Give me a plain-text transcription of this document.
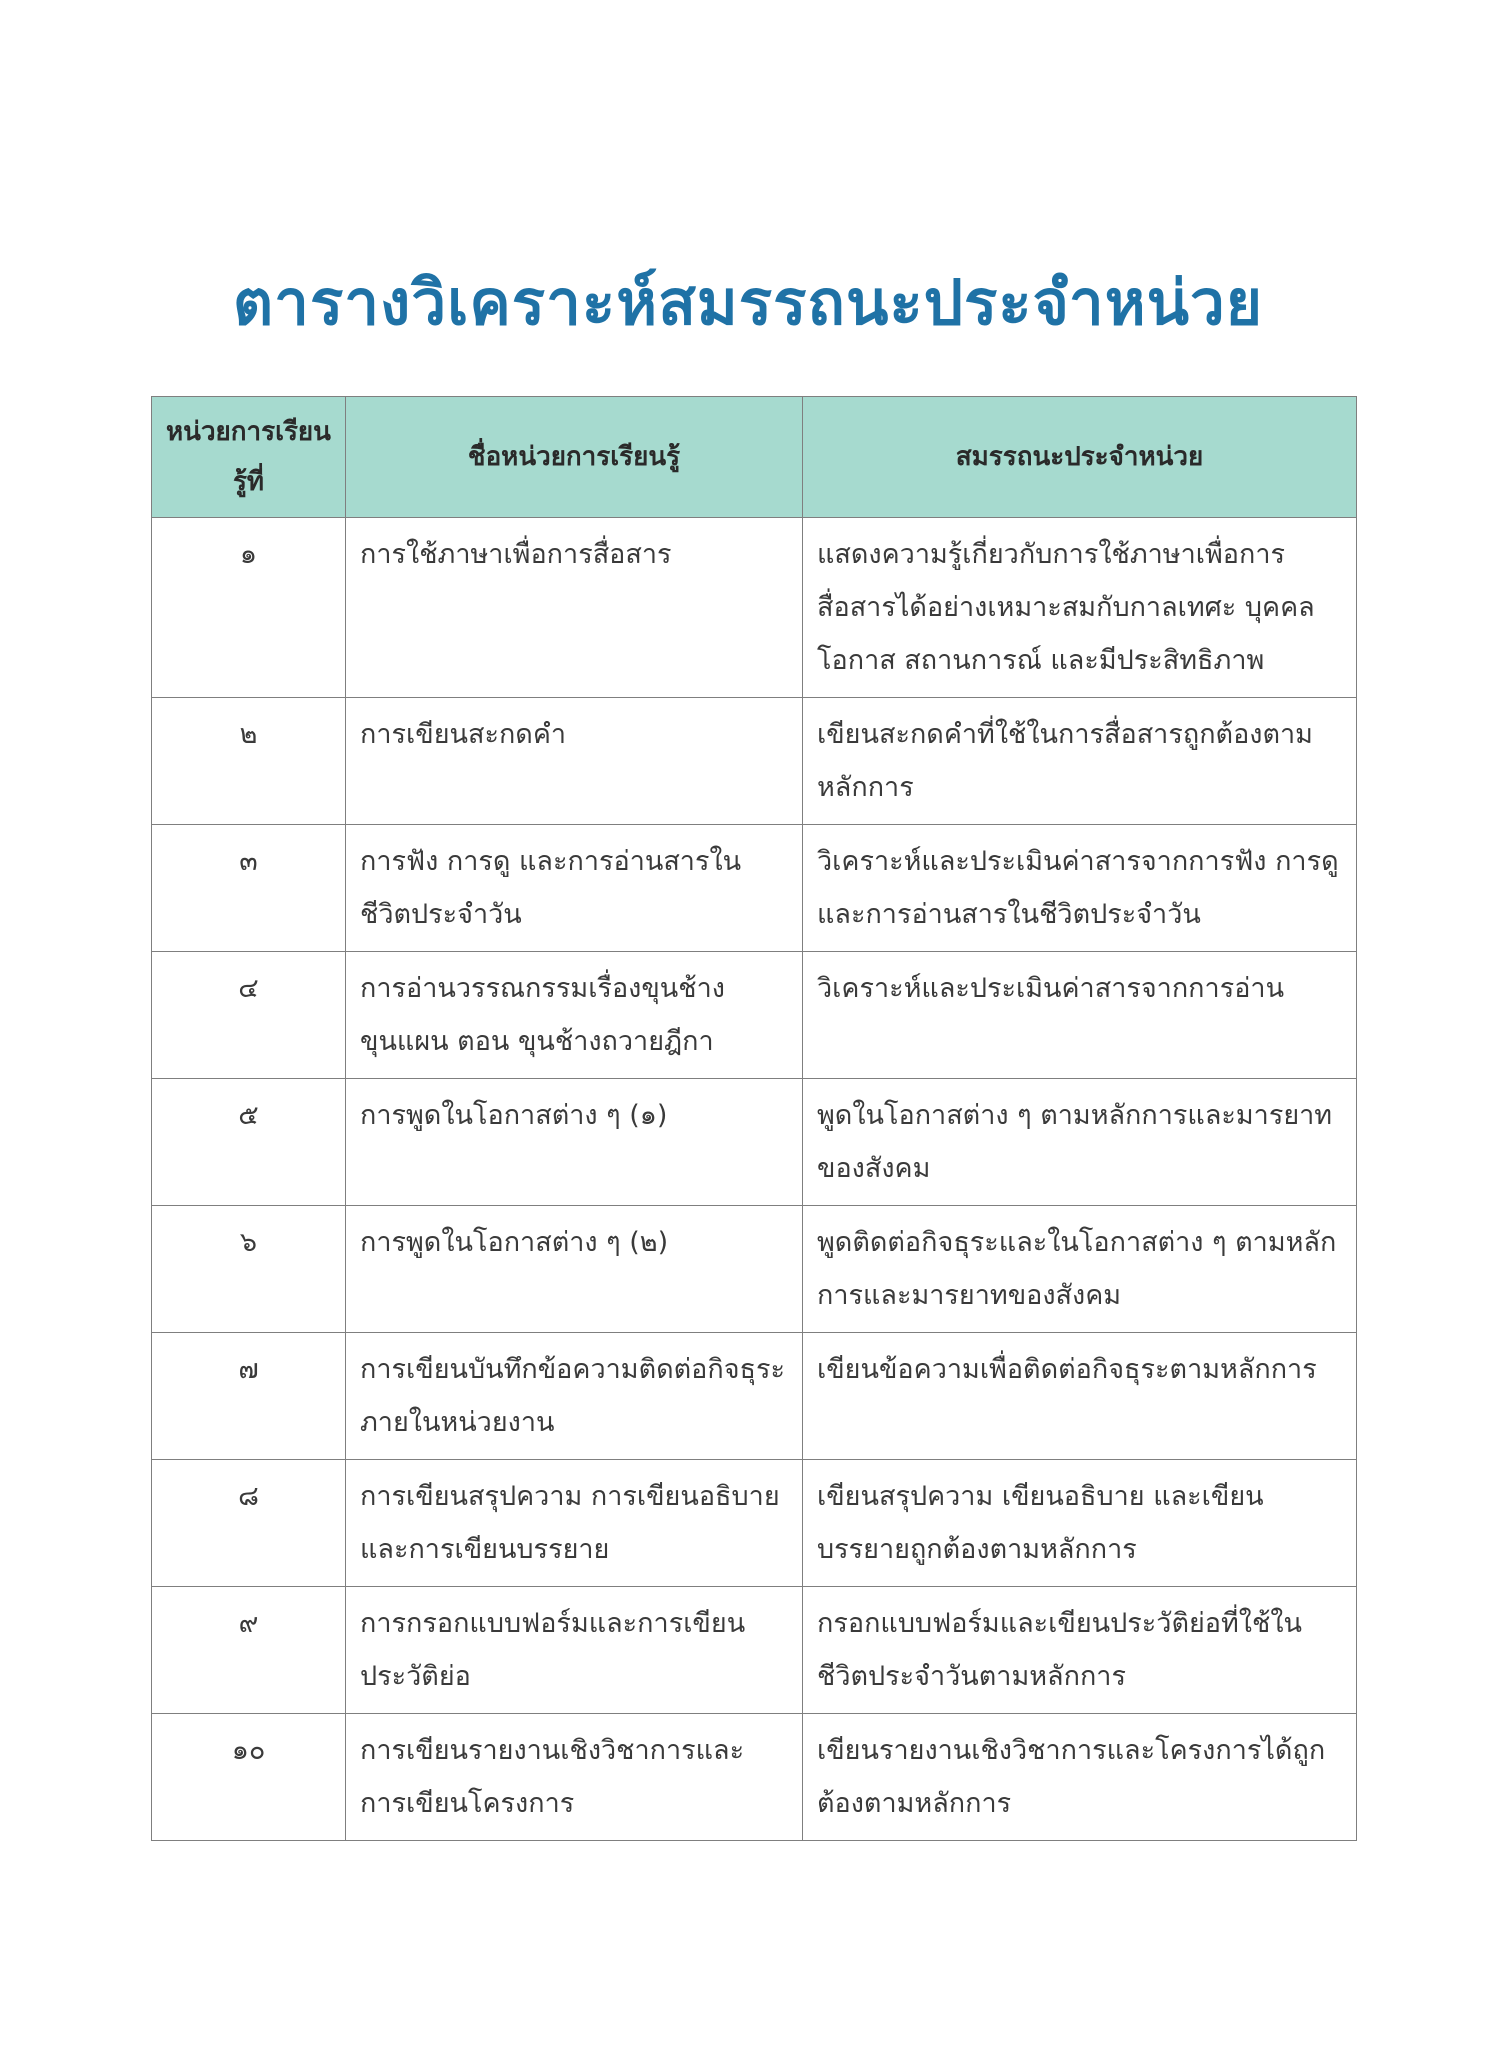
ตารางวิเคราะห์สมรรถนะประจำหน่วย
หน่วยการเรียนรู้ที่	ชื่อหน่วยการเรียนรู้	สมรรถนะประจำหน่วย
๑	การใช้ภาษาเพื่อการสื่อสาร	แสดงความรู้เกี่ยวกับการใช้ภาษาเพื่อการสื่อสารได้อย่างเหมาะสมกับกาลเทศะ บุคคล โอกาส สถานการณ์ และมีประสิทธิภาพ
๒	การเขียนสะกดคำ	เขียนสะกดคำที่ใช้ในการสื่อสารถูกต้องตามหลักการ
๓	การฟัง การดู และการอ่านสารในชีวิตประจำวัน	วิเคราะห์และประเมินค่าสารจากการฟัง การดูและการอ่านสารในชีวิตประจำวัน
๔	การอ่านวรรณกรรมเรื่องขุนช้างขุนแผน ตอน ขุนช้างถวายฎีกา	วิเคราะห์และประเมินค่าสารจากการอ่าน
๕	การพูดในโอกาสต่าง ๆ (๑)	พูดในโอกาสต่าง ๆ ตามหลักการและมารยาทของสังคม
๖	การพูดในโอกาสต่าง ๆ (๒)	พูดติดต่อกิจธุระและในโอกาสต่าง ๆ ตามหลักการและมารยาทของสังคม
๗	การเขียนบันทึกข้อความติดต่อกิจธุระภายในหน่วยงาน	เขียนข้อความเพื่อติดต่อกิจธุระตามหลักการ
๘	การเขียนสรุปความ การเขียนอธิบายและการเขียนบรรยาย	เขียนสรุปความ เขียนอธิบาย และเขียนบรรยายถูกต้องตามหลักการ
๙	การกรอกแบบฟอร์มและการเขียนประวัติย่อ	กรอกแบบฟอร์มและเขียนประวัติย่อที่ใช้ในชีวิตประจำวันตามหลักการ
๑๐	การเขียนรายงานเชิงวิชาการและการเขียนโครงการ	เขียนรายงานเชิงวิชาการและโครงการได้ถูกต้องตามหลักการ
